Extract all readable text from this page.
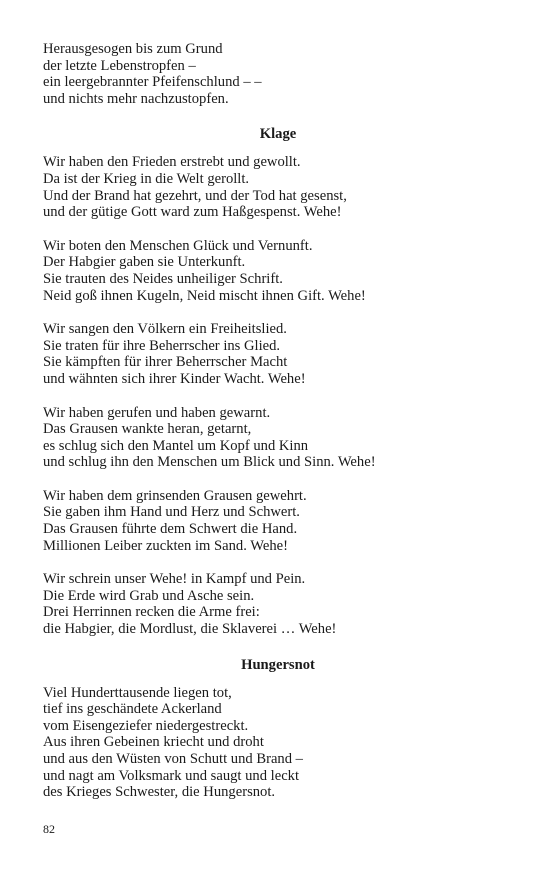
Herausgesogen bis zum Grund
der letzte Lebenstropfen –
ein leergebrannter Pfeifenschlund – –
und nichts mehr nachzustopfen.
Klage
Wir haben den Frieden erstrebt und gewollt.
Da ist der Krieg in die Welt gerollt.
Und der Brand hat gezehrt, und der Tod hat gesenst,
und der gütige Gott ward zum Haßgespenst. Wehe!
Wir boten den Menschen Glück und Vernunft.
Der Habgier gaben sie Unterkunft.
Sie trauten des Neides unheiliger Schrift.
Neid goß ihnen Kugeln, Neid mischt ihnen Gift. Wehe!
Wir sangen den Völkern ein Freiheitslied.
Sie traten für ihre Beherrscher ins Glied.
Sie kämpften für ihrer Beherrscher Macht
und wähnten sich ihrer Kinder Wacht. Wehe!
Wir haben gerufen und haben gewarnt.
Das Grausen wankte heran, getarnt,
es schlug sich den Mantel um Kopf und Kinn
und schlug ihn den Menschen um Blick und Sinn. Wehe!
Wir haben dem grinsenden Grausen gewehrt.
Sie gaben ihm Hand und Herz und Schwert.
Das Grausen führte dem Schwert die Hand.
Millionen Leiber zuckten im Sand. Wehe!
Wir schrein unser Wehe! in Kampf und Pein.
Die Erde wird Grab und Asche sein.
Drei Herrinnen recken die Arme frei:
die Habgier, die Mordlust, die Sklaverei … Wehe!
Hungersnot
Viel Hunderttausende liegen tot,
tief ins geschändete Ackerland
vom Eisengeziefer niedergestreckt.
Aus ihren Gebeinen kriecht und droht
und aus den Wüsten von Schutt und Brand –
und nagt am Volksmark und saugt und leckt
des Krieges Schwester, die Hungersnot.
82
